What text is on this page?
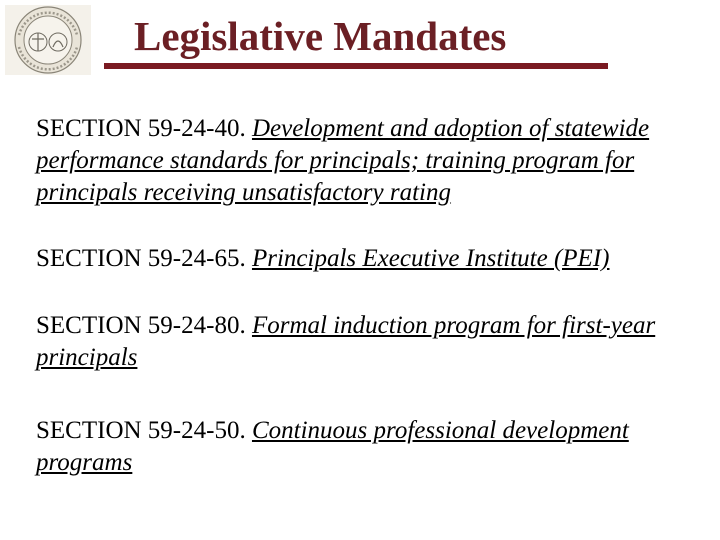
Legislative Mandates

SECTION 59-24-40. Development and adoption of statewide performance standards for principals; training program for principals receiving unsatisfactory rating

SECTION 59-24-65. Principals Executive Institute (PEI)

SECTION 59-24-80. Formal induction program for first-year principals

SECTION 59-24-50. Continuous professional development programs
